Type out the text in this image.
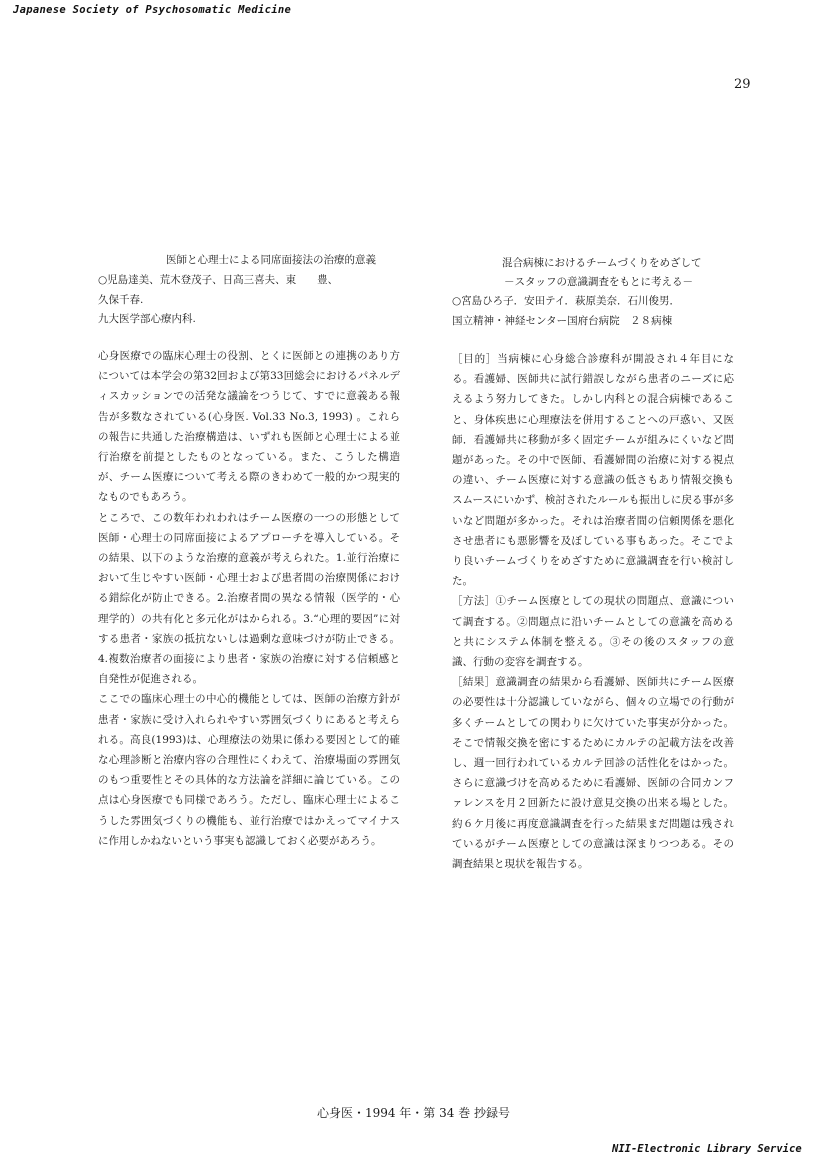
Japanese Society of Psychosomatic Medicine
29

医師と心理士による同席面接法の治療的意義

○児島達美、荒木登茂子、日高三喜夫、東　　豊、

久保千春.

九大医学部心療内科.

心身医療での臨床心理士の役割、とくに医師との連携のあり方については本学会の第32回および第33回総会におけるパネルディスカッションでの活発な議論をつうじて、すでに意義ある報告が多数なされている(心身医. Vol.33 No.3, 1993) 。これらの報告に共通した治療構造は、いずれも医師と心理士による並行治療を前提としたものとなっている。また、こうした構造が、チーム医療について考える際のきわめて一般的かつ現実的なものでもあろう。

ところで、この数年われわれはチーム医療の一つの形態として医師・心理士の同席面接によるアプローチを導入している。その結果、以下のような治療的意義が考えられた。1.並行治療において生じやすい医師・心理士および患者間の治療関係における錯綜化が防止できる。2.治療者間の異なる情報（医学的・心理学的）の共有化と多元化がはかられる。3.“心理的要因”に対する患者・家族の抵抗ないしは過剰な意味づけが防止できる。4.複数治療者の面接により患者・家族の治療に対する信頼感と自発性が促進される。

ここでの臨床心理士の中心的機能としては、医師の治療方針が患者・家族に受け入れられやすい雰囲気づくりにあると考えられる。高良(1993)は、心理療法の効果に係わる要因として的確な心理診断と治療内容の合理性にくわえて、治療場面の雰囲気のもつ重要性とその具体的な方法論を詳細に論じている。この点は心身医療でも同様であろう。ただし、臨床心理士によるこうした雰囲気づくりの機能も、並行治療ではかえってマイナスに作用しかねないという事実も認識しておく必要があろう。

混合病棟におけるチームづくりをめざして

－スタッフの意識調査をもとに考える－

○宮島ひろ子．安田テイ．萩原美奈．石川俊男．

国立精神・神経センター国府台病院　２８病棟

［目的］当病棟に心身総合診療科が開設され４年目になる。看護婦、医師共に試行錯誤しながら患者のニーズに応えるよう努力してきた。しかし内科との混合病棟であること、身体疾患に心理療法を併用することへの戸惑い、又医師．看護婦共に移動が多く固定チームが組みにくいなど問題があった。その中で医師、看護婦間の治療に対する視点の違い、チーム医療に対する意識の低さもあり情報交換もスムースにいかず、検討されたルールも振出しに戻る事が多いなど問題が多かった。それは治療者間の信頼関係を悪化させ患者にも悪影響を及ぼしている事もあった。そこでより良いチームづくりをめざすために意識調査を行い検討した。

［方法］①チーム医療としての現状の問題点、意識について調査する。②問題点に沿いチームとしての意識を高めると共にシステム体制を整える。③その後のスタッフの意識、行動の変容を調査する。

［結果］意識調査の結果から看護婦、医師共にチーム医療の必要性は十分認識していながら、個々の立場での行動が多くチームとしての関わりに欠けていた事実が分かった。そこで情報交換を密にするためにカルテの記載方法を改善し、週一回行われているカルテ回診の活性化をはかった。さらに意識づけを高めるために看護婦、医師の合同カンファレンスを月２回新たに設け意見交換の出来る場とした。約６ケ月後に再度意識調査を行った結果まだ問題は残されているがチーム医療としての意識は深まりつつある。その調査結果と現状を報告する。

心身医・1994 年・第 34 巻 抄録号
NII-Electronic Library Service
